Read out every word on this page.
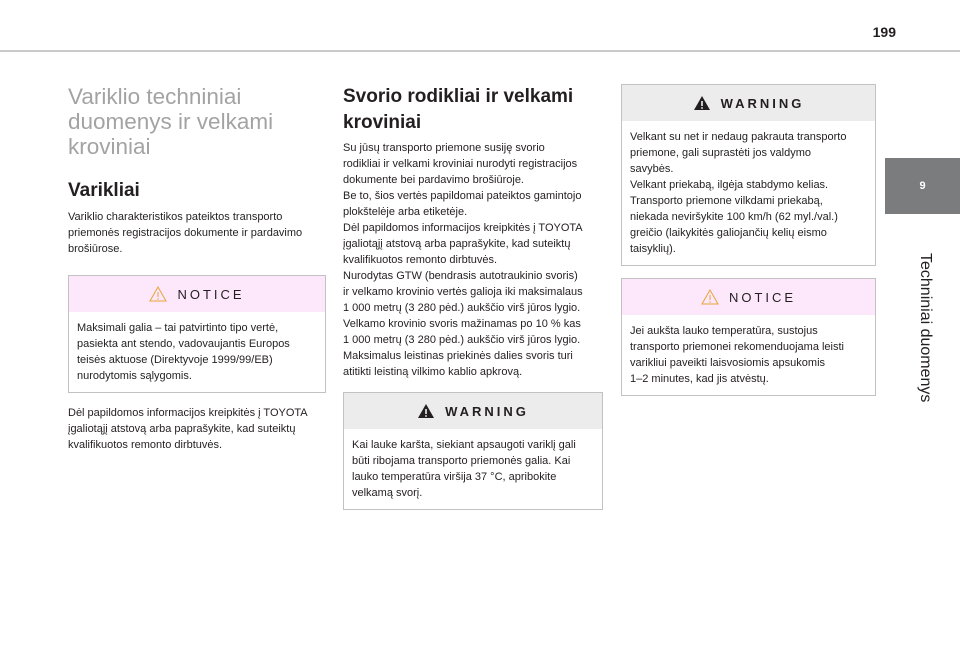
199
9
Techniniai duomenys
Variklio techniniai
duomenys ir velkami
kroviniai
Varikliai

Variklio charakteristikos pateiktos transporto
priemonės registracijos dokumente ir pardavimo
brošiūrose.

NOTICE
Maksimali galia – tai patvirtinto tipo vertė,
pasiekta ant stendo, vadovaujantis Europos
teisės aktuose (Direktyvoje 1999/99/EB)
nurodytomis sąlygomis.

Dėl papildomos informacijos kreipkitės į TOYOTA
įgaliotąjį atstovą arba paprašykite, kad suteiktų
kvalifikuotos remonto dirbtuvės.

Svorio rodikliai ir velkami
kroviniai

Su jūsų transporto priemone susiję svorio
rodikliai ir velkami kroviniai nurodyti registracijos
dokumente bei pardavimo brošiūroje.
Be to, šios vertės papildomai pateiktos gamintojo
plokštelėje arba etiketėje.
Dėl papildomos informacijos kreipkitės į TOYOTA
įgaliotąjį atstovą arba paprašykite, kad suteiktų
kvalifikuotos remonto dirbtuvės.
Nurodytas GTW (bendrasis autotraukinio svoris)
ir velkamo krovinio vertės galioja iki maksimalaus
1 000 metrų (3 280 pėd.) aukščio virš jūros lygio.
Velkamo krovinio svoris mažinamas po 10 % kas
1 000 metrų (3 280 pėd.) aukščio virš jūros lygio.
Maksimalus leistinas priekinės dalies svoris turi
atitikti leistiną vilkimo kablio apkrovą.

WARNING
Kai lauke karšta, siekiant apsaugoti variklį gali
būti ribojama transporto priemonės galia. Kai
lauko temperatūra viršija 37 °C, apribokite
velkamą svorį.
WARNING
Velkant su net ir nedaug pakrauta transporto
priemone, gali suprastėti jos valdymo
savybės.
Velkant priekabą, ilgėja stabdymo kelias.
Transporto priemone vilkdami priekabą,
niekada neviršykite 100 km/h (62 myl./val.)
greičio (laikykitės galiojančių kelių eismo
taisyklių).
NOTICE
Jei aukšta lauko temperatūra, sustojus
transporto priemonei rekomenduojama leisti
varikliui paveikti laisvosiomis apsukomis
1–2 minutes, kad jis atvėstų.
